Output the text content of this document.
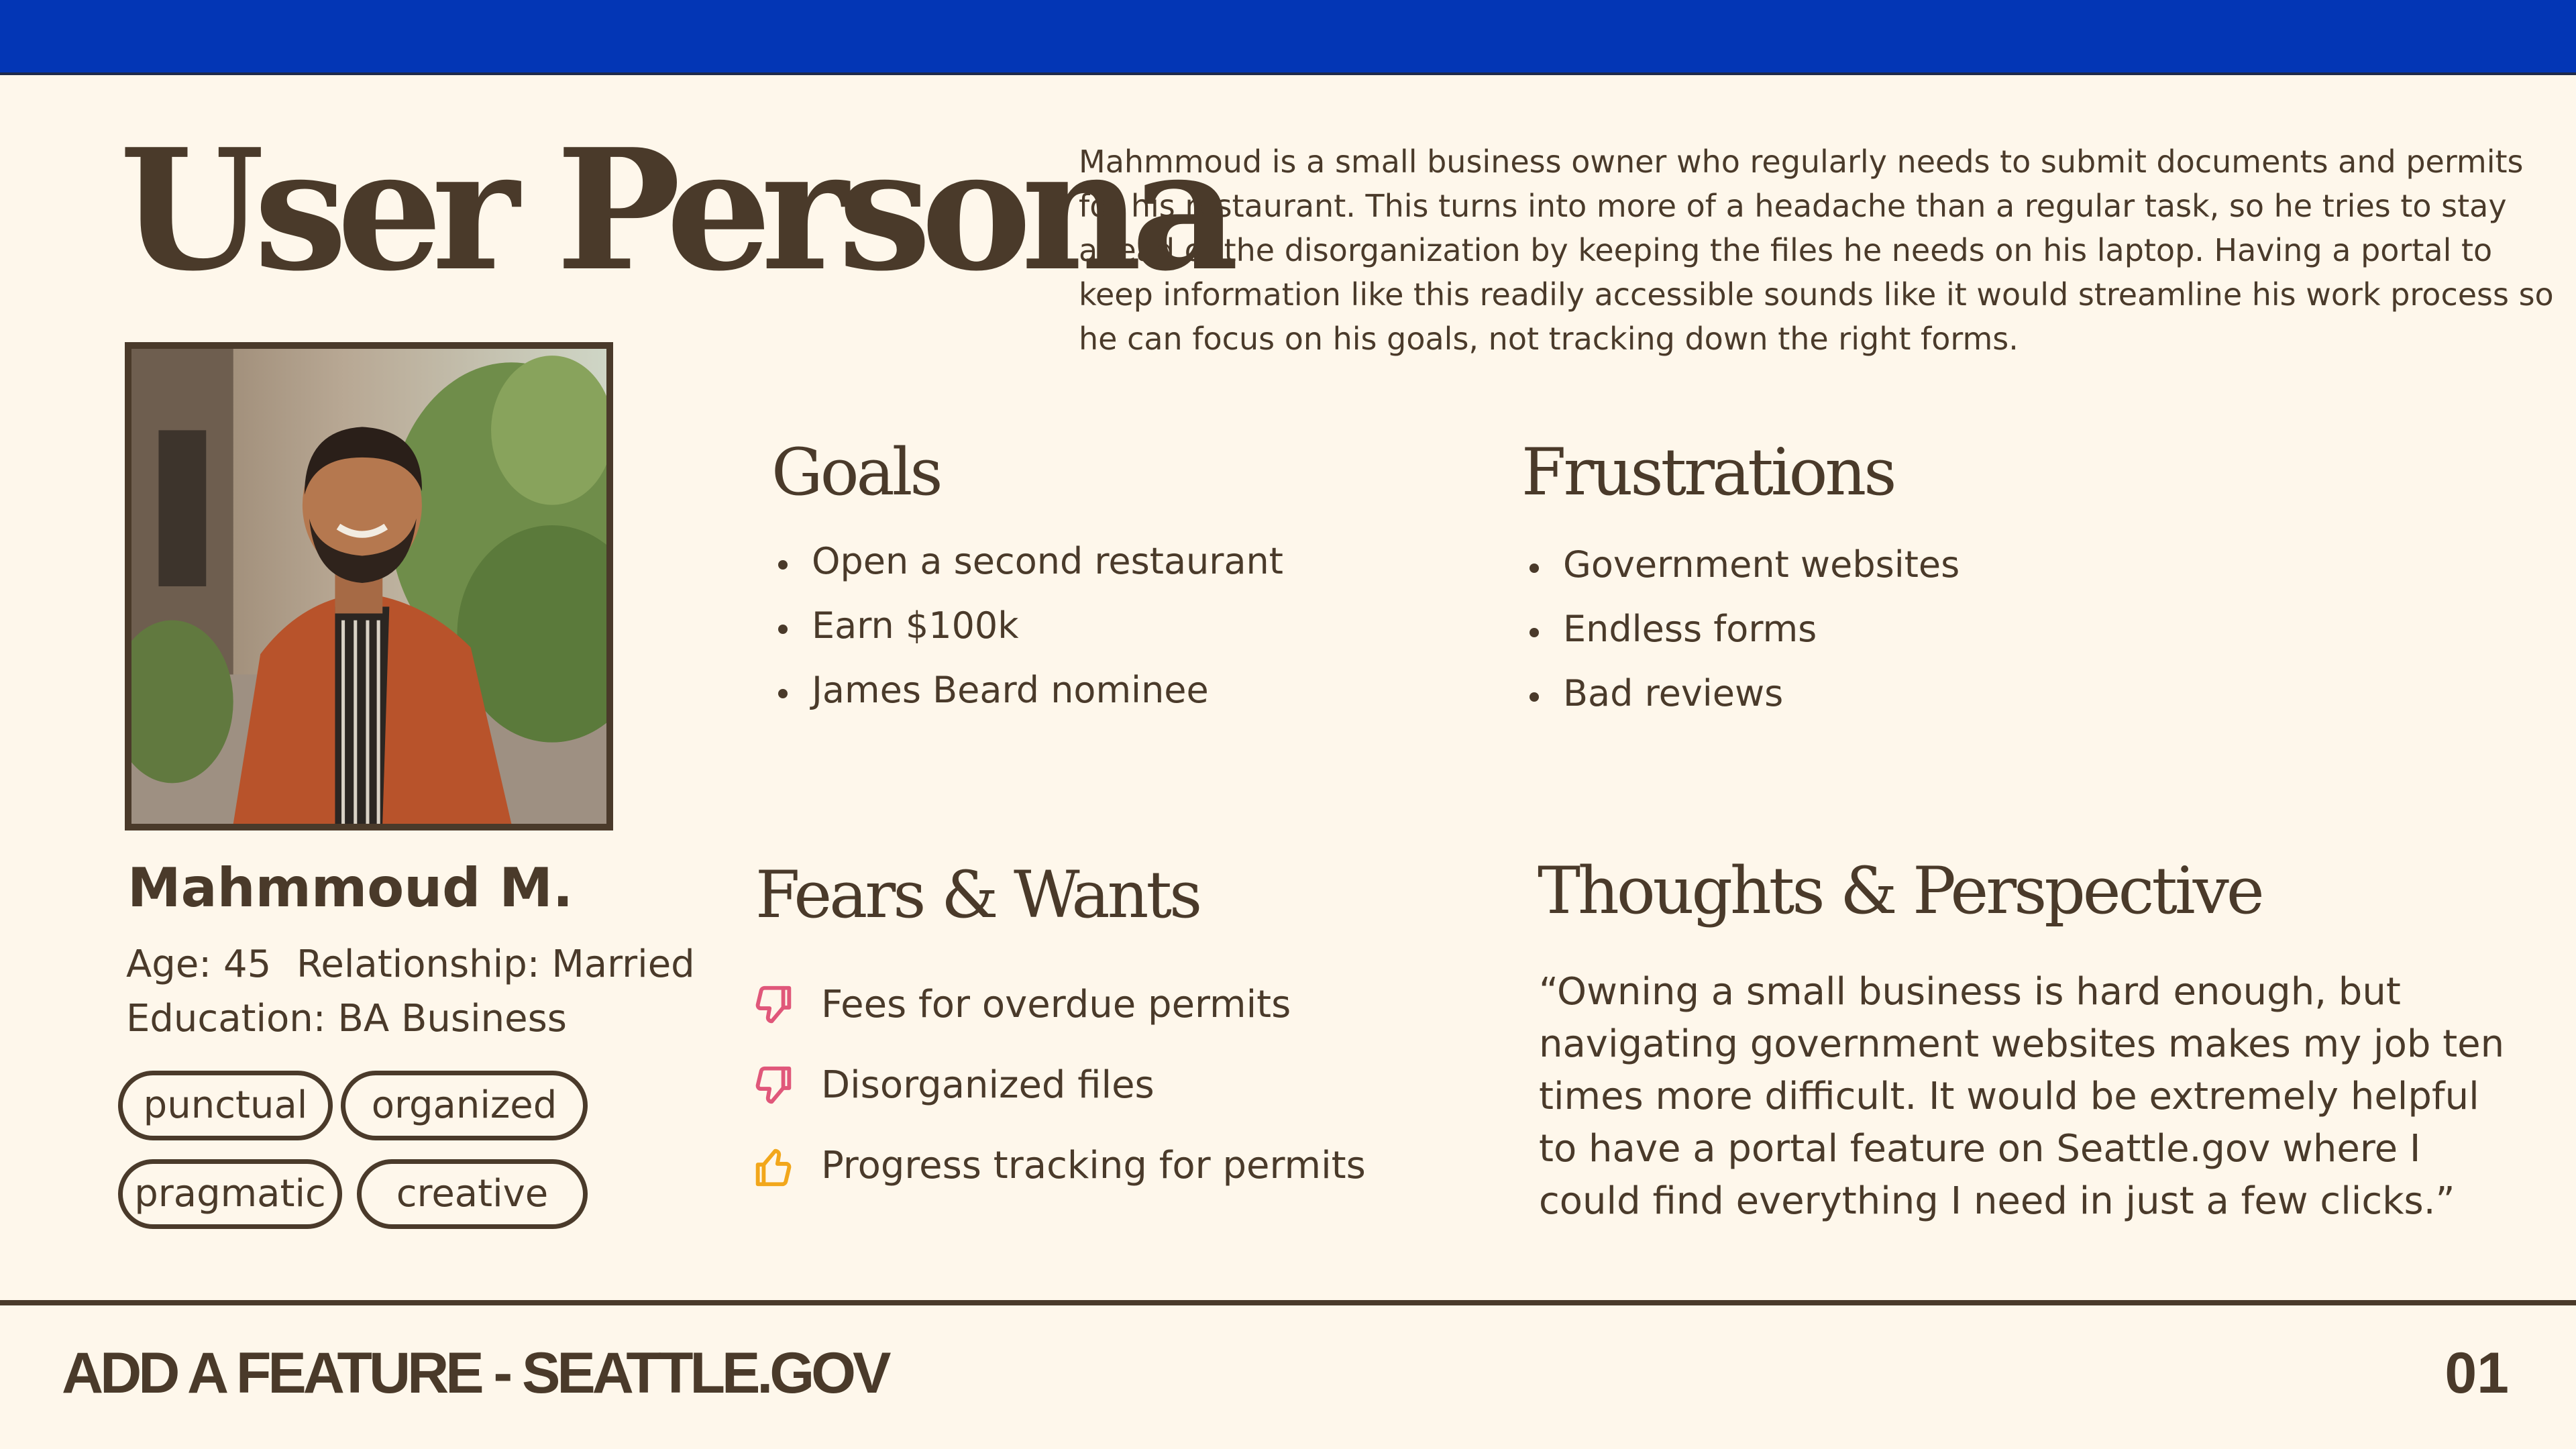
User Persona

Mahmmoud is a small business owner who regularly needs to submit documents and permits for his restaurant. This turns into more of a headache than a regular task, so he tries to stay ahead of the disorganization by keeping the files he needs on his laptop. Having a portal to keep information like this readily accessible sounds like it would streamline his work process so he can focus on his goals, not tracking down the right forms.

Mahmmoud M.
Age: 45 Relationship: Married
Education: BA Business
punctual	organized
pragmatic	creative
Goals
Open a second restaurant
Earn $100k
James Beard nominee
Frustrations
Government websites
Endless forms
Bad reviews
Fears & Wants
Fees for overdue permits
Disorganized files
Progress tracking for permits
Thoughts & Perspective

“Owning a small business is hard enough, but navigating government websites makes my job ten times more difficult. It would be extremely helpful to have a portal feature on Seattle.gov where I could find everything I need in just a few clicks.”

ADD A FEATURE - SEATTLE.GOV	01
